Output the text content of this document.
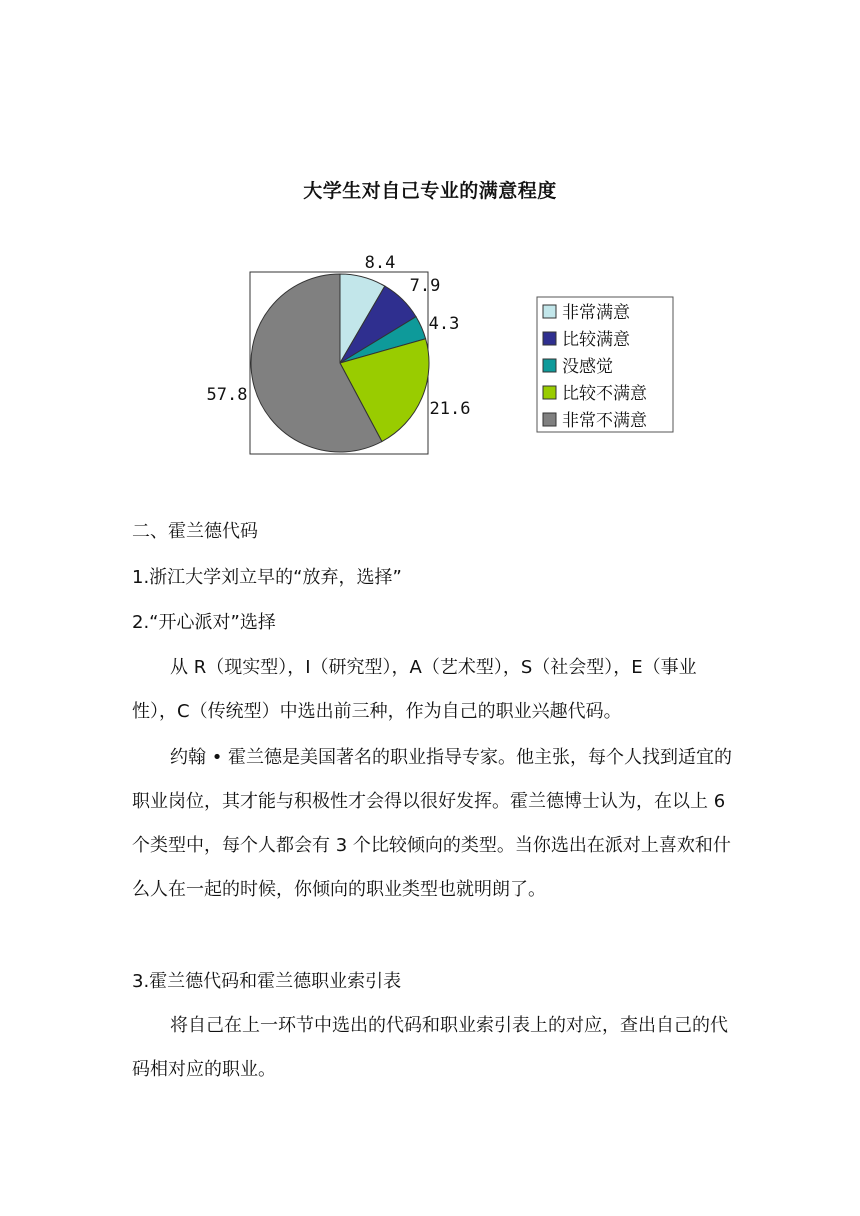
大学生对自己专业的满意程度
8.4
7.9
4.3
21.6
57.8
非常满意
比较满意
没感觉
比较不满意
非常不满意

二、霍兰德代码

1.浙江大学刘立早的“放弃，选择”

2.“开心派对”选择

从 R（现实型），I（研究型），A（艺术型），S（社会型），E（事业性），C（传统型）中选出前三种，作为自己的职业兴趣代码。

约翰 • 霍兰德是美国著名的职业指导专家。他主张，每个人找到适宜的职业岗位，其才能与积极性才会得以很好发挥。霍兰德博士认为，在以上 6 个类型中，每个人都会有 3 个比较倾向的类型。当你选出在派对上喜欢和什么人在一起的时候，你倾向的职业类型也就明朗了。

3.霍兰德代码和霍兰德职业索引表

将自己在上一环节中选出的代码和职业索引表上的对应，查出自己的代码相对应的职业。
